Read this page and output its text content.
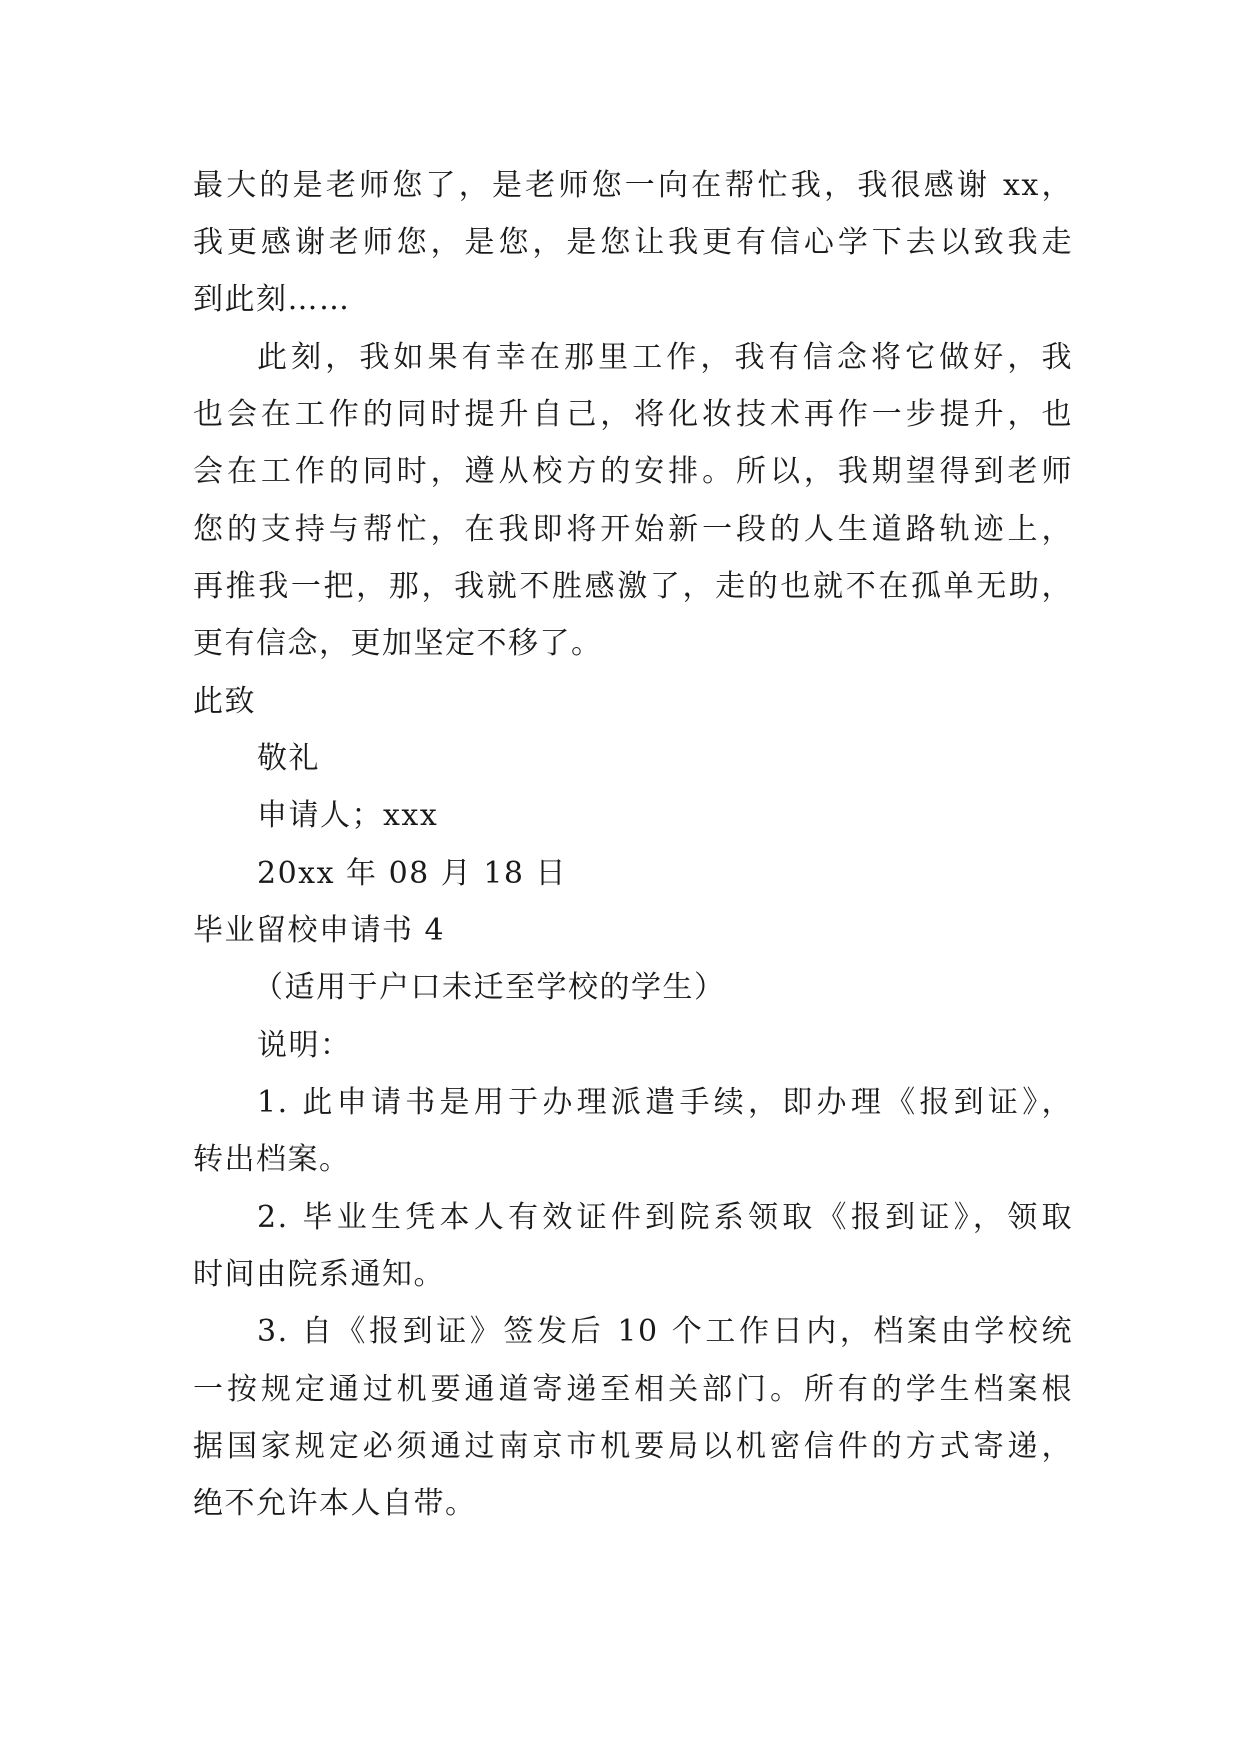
最大的是老师您了，是老师您一向在帮忙我，我很感谢 xx，
我更感谢老师您，是您，是您让我更有信心学下去以致我走
到此刻……
此刻，我如果有幸在那里工作，我有信念将它做好，我
也会在工作的同时提升自己，将化妆技术再作一步提升，也
会在工作的同时，遵从校方的安排。所以，我期望得到老师
您的支持与帮忙，在我即将开始新一段的人生道路轨迹上，
再推我一把，那，我就不胜感激了，走的也就不在孤单无助，
更有信念，更加坚定不移了。
此致
敬礼
申请人；xxx
20xx 年 08 月 18 日
毕业留校申请书 4
（适用于户口未迁至学校的学生）
说明：
1. 此申请书是用于办理派遣手续，即办理《报到证》，
转出档案。
2. 毕业生凭本人有效证件到院系领取《报到证》，领取
时间由院系通知。
3. 自《报到证》签发后 10 个工作日内，档案由学校统
一按规定通过机要通道寄递至相关部门。所有的学生档案根
据国家规定必须通过南京市机要局以机密信件的方式寄递，
绝不允许本人自带。
